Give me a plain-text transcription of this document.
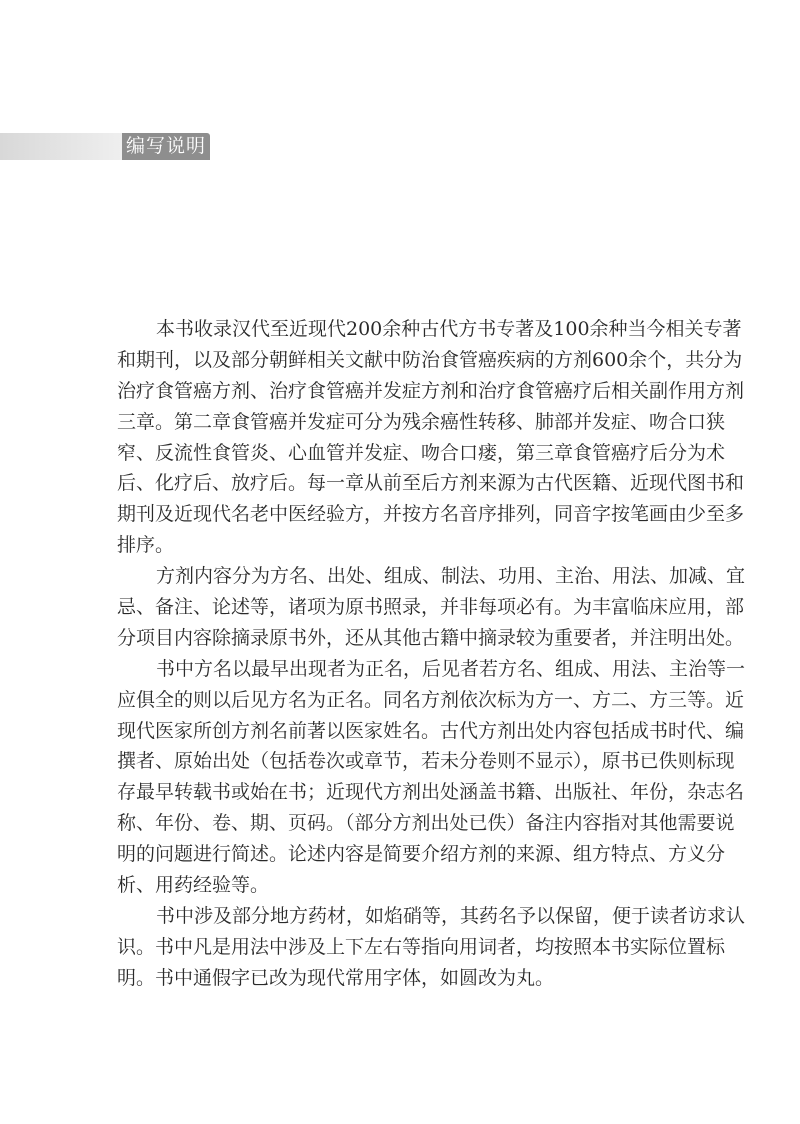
编写说明
本书收录汉代至近现代200余种古代方书专著及100余种当今相关专著
和期刊，以及部分朝鲜相关文献中防治食管癌疾病的方剂600余个，共分为
治疗食管癌方剂、治疗食管癌并发症方剂和治疗食管癌疗后相关副作用方剂
三章。第二章食管癌并发症可分为残余癌性转移、肺部并发症、吻合口狭
窄、反流性食管炎、心血管并发症、吻合口瘘，第三章食管癌疗后分为术
后、化疗后、放疗后。每一章从前至后方剂来源为古代医籍、近现代图书和
期刊及近现代名老中医经验方，并按方名音序排列，同音字按笔画由少至多
排序。
方剂内容分为方名、出处、组成、制法、功用、主治、用法、加减、宜
忌、备注、论述等，诸项为原书照录，并非每项必有。为丰富临床应用，部
分项目内容除摘录原书外，还从其他古籍中摘录较为重要者，并注明出处。
书中方名以最早出现者为正名，后见者若方名、组成、用法、主治等一
应俱全的则以后见方名为正名。同名方剂依次标为方一、方二、方三等。近
现代医家所创方剂名前著以医家姓名。古代方剂出处内容包括成书时代、编
撰者、原始出处（包括卷次或章节，若未分卷则不显示），原书已佚则标现
存最早转载书或始在书；近现代方剂出处涵盖书籍、出版社、年份，杂志名
称、年份、卷、期、页码。（部分方剂出处已佚）备注内容指对其他需要说
明的问题进行简述。论述内容是简要介绍方剂的来源、组方特点、方义分
析、用药经验等。
书中涉及部分地方药材，如焰硝等，其药名予以保留，便于读者访求认
识。书中凡是用法中涉及上下左右等指向用词者，均按照本书实际位置标
明。书中通假字已改为现代常用字体，如圆改为丸。
